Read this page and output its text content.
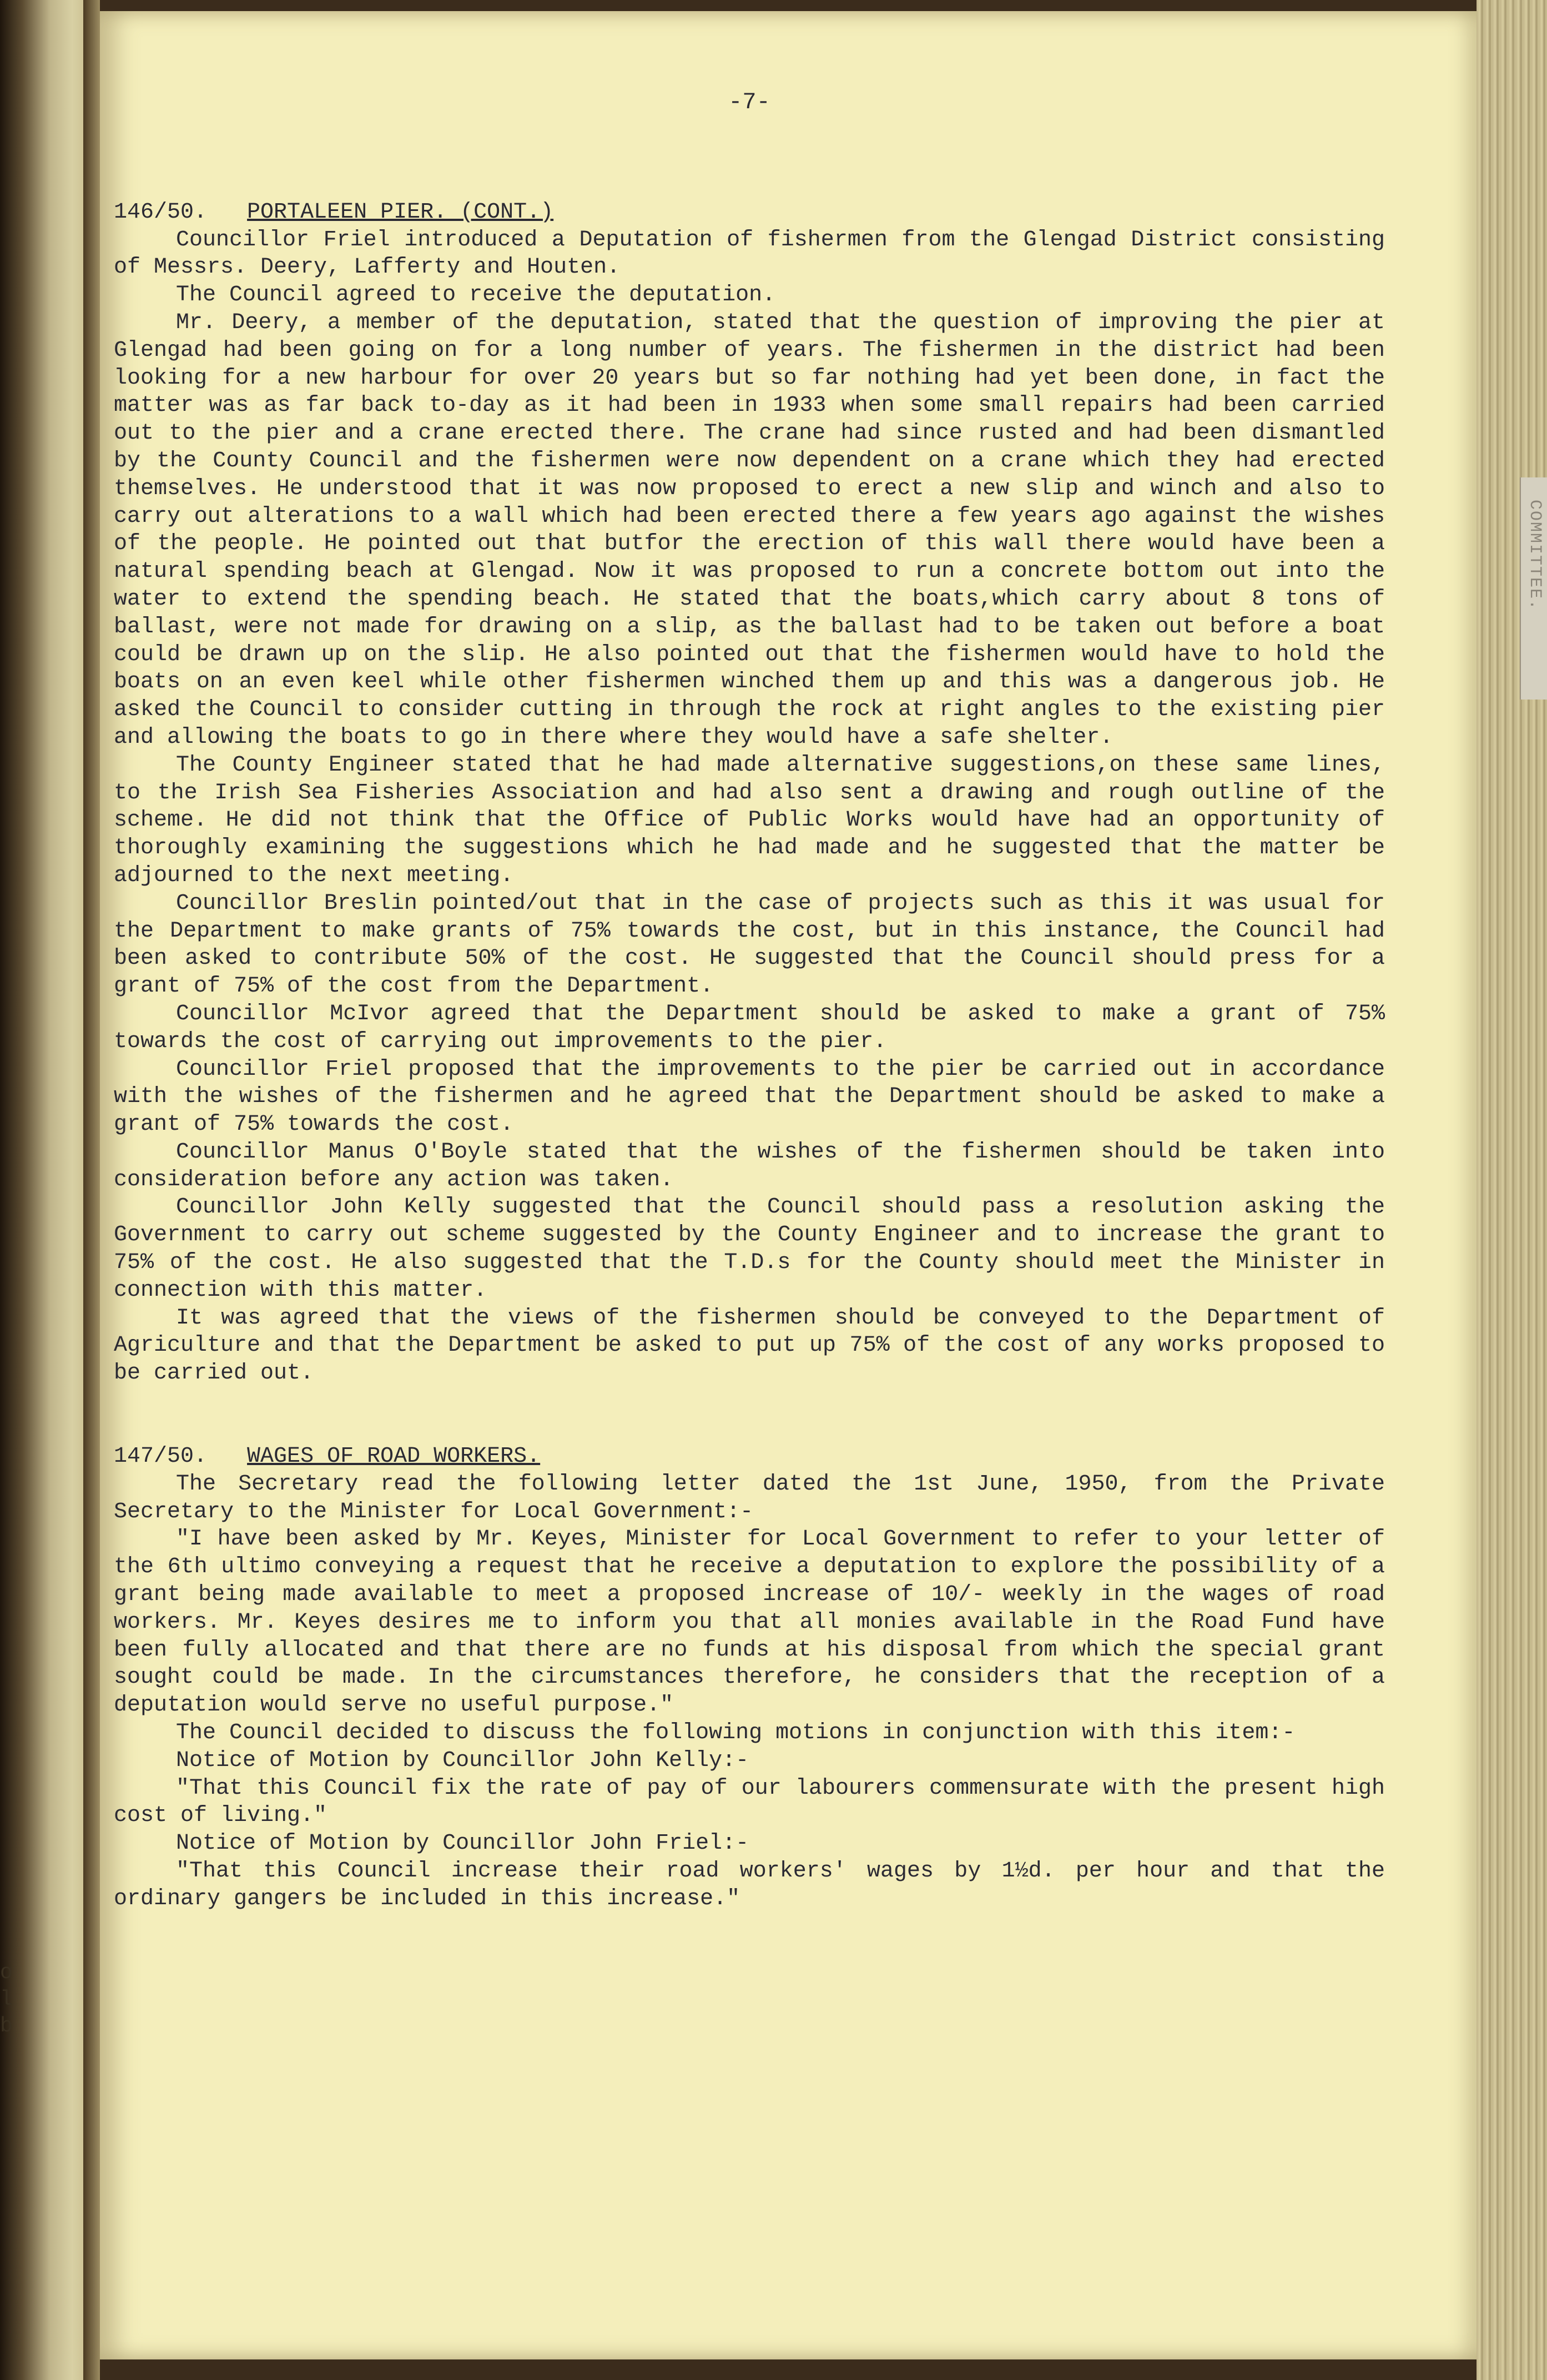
o
l
b
COMMITTEE.
-7-
146/50. PORTALEEN PIER. (CONT.)

Councillor Friel introduced a Deputation of fishermen from the Glengad District consisting of Messrs. Deery, Lafferty and Houten.

The Council agreed to receive the deputation.

Mr. Deery, a member of the deputation, stated that the question of improving the pier at Glengad had been going on for a long number of years. The fishermen in the district had been looking for a new harbour for over 20 years but so far nothing had yet been done, in fact the matter was as far back to-day as it had been in 1933 when some small repairs had been carried out to the pier and a crane erected there. The crane had since rusted and had been dismantled by the County Council and the fishermen were now dependent on a crane which they had erected themselves. He understood that it was now proposed to erect a new slip and winch and also to carry out alterations to a wall which had been erected there a few years ago against the wishes of the people. He pointed out that butfor the erection of this wall there would have been a natural spending beach at Glengad. Now it was proposed to run a concrete bottom out into the water to extend the spending beach. He stated that the boats,which carry about 8 tons of ballast, were not made for drawing on a slip, as the ballast had to be taken out before a boat could be drawn up on the slip. He also pointed out that the fishermen would have to hold the boats on an even keel while other fishermen winched them up and this was a dangerous job. He asked the Council to consider cutting in through the rock at right angles to the existing pier and allowing the boats to go in there where they would have a safe shelter.

The County Engineer stated that he had made alternative suggestions,on these same lines, to the Irish Sea Fisheries Association and had also sent a drawing and rough outline of the scheme. He did not think that the Office of Public Works would have had an opportunity of thoroughly examining the suggestions which he had made and he suggested that the matter be adjourned to the next meeting.

Councillor Breslin pointed/out that in the case of projects such as this it was usual for the Department to make grants of 75% towards the cost, but in this instance, the Council had been asked to contribute 50% of the cost. He suggested that the Council should press for a grant of 75% of the cost from the Department.

Councillor McIvor agreed that the Department should be asked to make a grant of 75% towards the cost of carrying out improvements to the pier.

Councillor Friel proposed that the improvements to the pier be carried out in accordance with the wishes of the fishermen and he agreed that the Department should be asked to make a grant of 75% towards the cost.

Councillor Manus O'Boyle stated that the wishes of the fishermen should be taken into consideration before any action was taken.

Councillor John Kelly suggested that the Council should pass a resolution asking the Government to carry out scheme suggested by the County Engineer and to increase the grant to 75% of the cost. He also suggested that the T.D.s for the County should meet the Minister in connection with this matter.

It was agreed that the views of the fishermen should be conveyed to the Department of Agriculture and that the Department be asked to put up 75% of the cost of any works proposed to be carried out.

147/50. WAGES OF ROAD WORKERS.

The Secretary read the following letter dated the 1st June, 1950, from the Private Secretary to the Minister for Local Government:-

"I have been asked by Mr. Keyes, Minister for Local Government to refer to your letter of the 6th ultimo conveying a request that he receive a deputation to explore the possibility of a grant being made available to meet a proposed increase of 10/- weekly in the wages of road workers. Mr. Keyes desires me to inform you that all monies available in the Road Fund have been fully allocated and that there are no funds at his disposal from which the special grant sought could be made. In the circumstances therefore, he considers that the reception of a deputation would serve no useful purpose."

The Council decided to discuss the following motions in conjunction with this item:-

Notice of Motion by Councillor John Kelly:-

"That this Council fix the rate of pay of our labourers commensurate with the present high cost of living."

Notice of Motion by Councillor John Friel:-

"That this Council increase their road workers' wages by 1½d. per hour and that the ordinary gangers be included in this increase."
